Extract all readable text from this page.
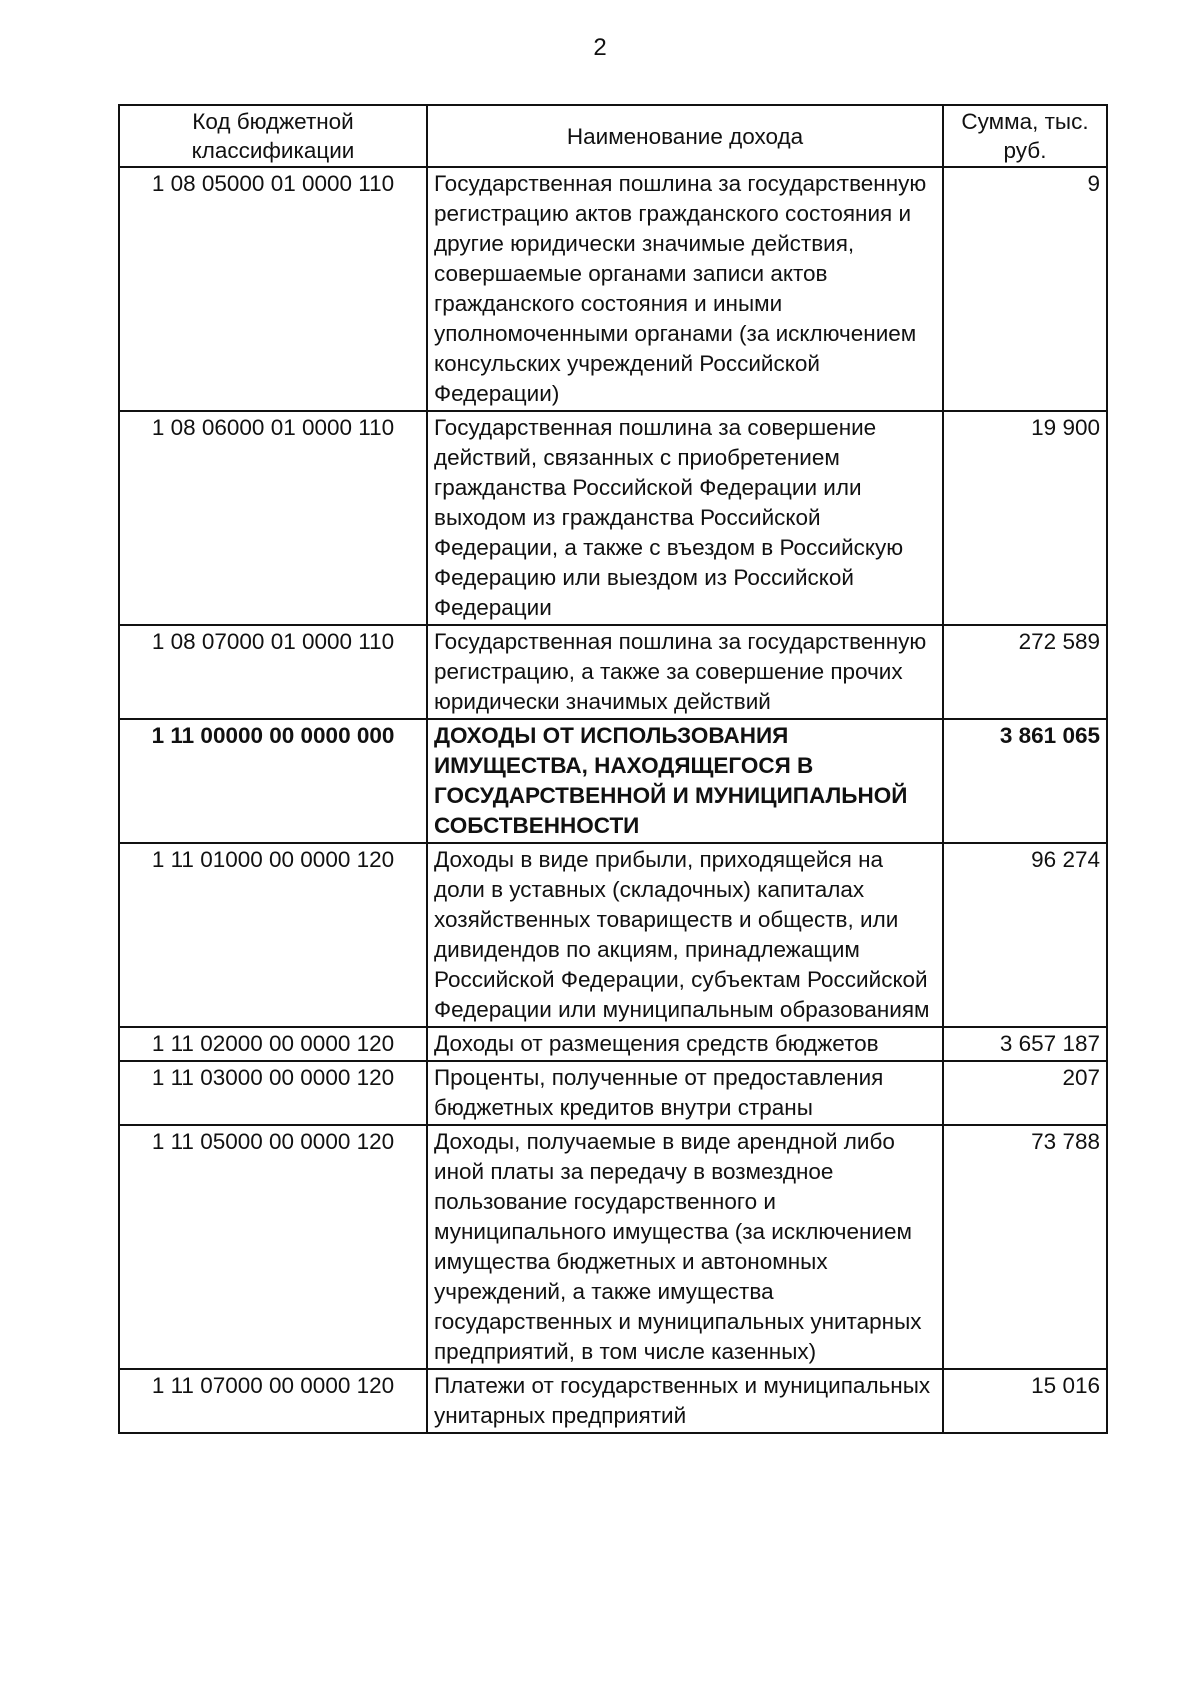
2
Код бюджетной классификации	Наименование дохода	Сумма, тыс. руб.
1 08 05000 01 0000 110	Государственная пошлина за государственную регистрацию актов гражданского состояния и другие юридически значимые действия, совершаемые органами записи актов гражданского состояния и иными уполномоченными органами (за исключением консульских учреждений Российской Федерации)	9
1 08 06000 01 0000 110	Государственная пошлина за совершение действий, связанных с приобретением гражданства Российской Федерации или выходом из гражданства Российской Федерации, а также с въездом в Российскую Федерацию или выездом из Российской Федерации	19 900
1 08 07000 01 0000 110	Государственная пошлина за государственную регистрацию, а также за совершение прочих юридически значимых действий	272 589
1 11 00000 00 0000 000	ДОХОДЫ ОТ ИСПОЛЬЗОВАНИЯ ИМУЩЕСТВА, НАХОДЯЩЕГОСЯ В ГОСУДАРСТВЕННОЙ И МУНИЦИПАЛЬНОЙ СОБСТВЕННОСТИ	3 861 065
1 11 01000 00 0000 120	Доходы в виде прибыли, приходящейся на доли в уставных (складочных) капиталах хозяйственных товариществ и обществ, или дивидендов по акциям, принадлежащим Российской Федерации, субъектам Российской Федерации или муниципальным образованиям	96 274
1 11 02000 00 0000 120	Доходы от размещения средств бюджетов	3 657 187
1 11 03000 00 0000 120	Проценты, полученные от предоставления бюджетных кредитов внутри страны	207
1 11 05000 00 0000 120	Доходы, получаемые в виде арендной либо иной платы за передачу в возмездное пользование государственного и муниципального имущества (за исключением имущества бюджетных и автономных учреждений, а также имущества государственных и муниципальных унитарных предприятий, в том числе казенных)	73 788
1 11 07000 00 0000 120	Платежи от государственных и муниципальных унитарных предприятий	15 016
